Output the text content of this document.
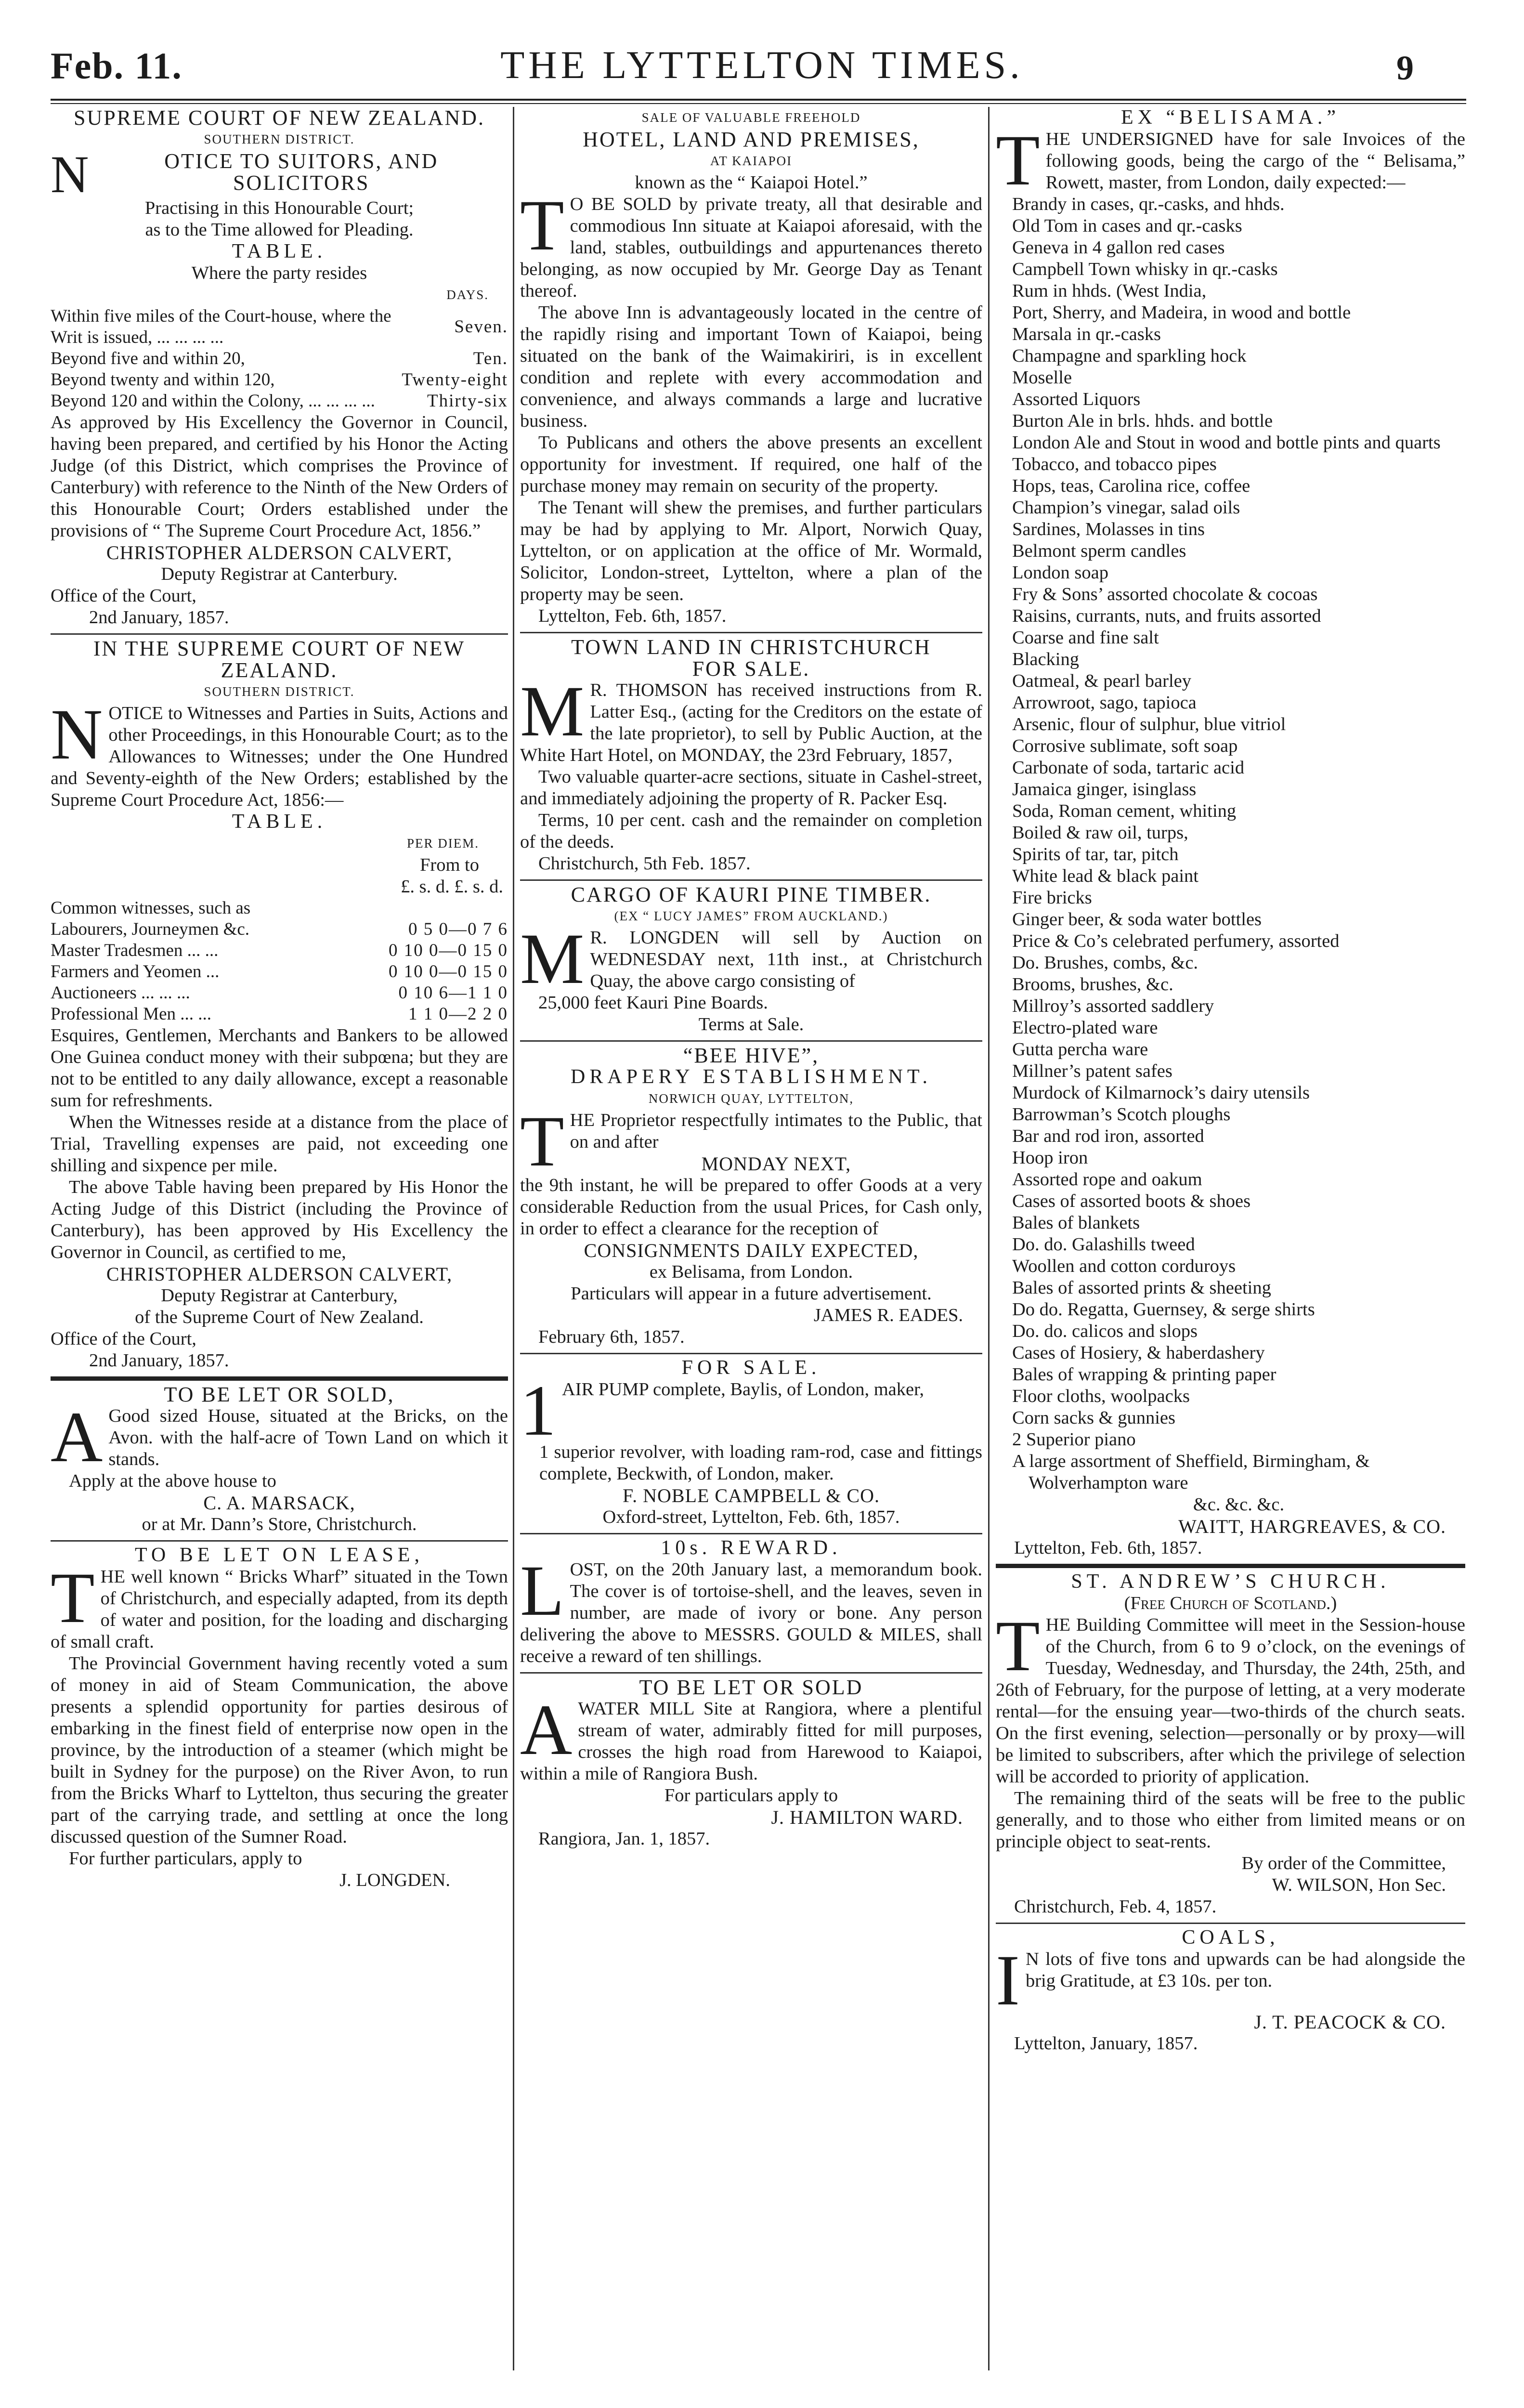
Feb. 11.	THE LYTTELTON TIMES.	9

SUPREME COURT OF NEW ZEALAND.

SOUTHERN DISTRICT.

N	OTICE TO SUITORS, AND

SOLICITORS

Practising in this Honourable Court;

as to the Time allowed for Pleading.

TABLE.

Where the party resides

DAYS.

Within five miles of the Court-house, where the Writ is issued, ... ... ... ...	Seven.
Beyond five and within 20,	Ten.
Beyond twenty and within 120,	Twenty-eight
Beyond 120 and within the Colony, ... ... ... ...	Thirty-six

As approved by His Excellency the Governor in Council, having been prepared, and certified by his Honor the Acting Judge (of this District, which comprises the Province of Canterbury) with reference to the Ninth of the New Orders of this Honourable Court; Orders established under the provisions of “ The Supreme Court Procedure Act, 1856.”

CHRISTOPHER ALDERSON CALVERT,

Deputy Registrar at Canterbury.

Office of the Court,

2nd January, 1857.

IN THE SUPREME COURT OF NEW ZEALAND.

SOUTHERN DISTRICT.

NOTICE to Witnesses and Parties in Suits, Actions and other Proceedings, in this Honourable Court; as to the Allowances to Witnesses; under the One Hundred and Seventy-eighth of the New Orders; established by the Supreme Court Procedure Act, 1856:—

TABLE.

PER DIEM.

From to

£. s. d. £. s. d.

Common witnesses, such as	
Labourers, Journeymen &c.	0 5 0—0 7 6
Master Tradesmen ... ...	0 10 0—0 15 0
Farmers and Yeomen ...	0 10 0—0 15 0
Auctioneers ... ... ...	0 10 6—1 1 0
Professional Men ... ...	1 1 0—2 2 0

Esquires, Gentlemen, Merchants and Bankers to be allowed One Guinea conduct money with their subpœna; but they are not to be entitled to any daily allowance, except a reasonable sum for refreshments.

When the Witnesses reside at a distance from the place of Trial, Travelling expenses are paid, not exceeding one shilling and sixpence per mile.

The above Table having been prepared by His Honor the Acting Judge of this District (including the Province of Canterbury), has been approved by His Excellency the Governor in Council, as certified to me,

CHRISTOPHER ALDERSON CALVERT,

Deputy Registrar at Canterbury,

of the Supreme Court of New Zealand.

Office of the Court,

2nd January, 1857.

TO BE LET OR SOLD,

A Good sized House, situated at the Bricks, on the Avon. with the half-acre of Town Land on which it stands.

Apply at the above house to

C. A. MARSACK,

or at Mr. Dann’s Store, Christchurch.

TO BE LET ON LEASE,

THE well known “ Bricks Wharf” situated in the Town of Christchurch, and especially adapted, from its depth of water and position, for the loading and discharging of small craft.

The Provincial Government having recently voted a sum of money in aid of Steam Communication, the above presents a splendid opportunity for parties desirous of embarking in the finest field of enterprise now open in the province, by the introduction of a steamer (which might be built in Sydney for the purpose) on the River Avon, to run from the Bricks Wharf to Lyttelton, thus securing the greater part of the carrying trade, and settling at once the long discussed question of the Sumner Road.

For further particulars, apply to

J. LONGDEN.

SALE OF VALUABLE FREEHOLD

HOTEL, LAND AND PREMISES,

AT KAIAPOI

known as the “ Kaiapoi Hotel.”

T O BE SOLD by private treaty, all that desirable and commodious Inn situate at Kaiapoi aforesaid, with the land, stables, outbuildings and appurtenances thereto belonging, as now occupied by Mr. George Day as Tenant thereof.

The above Inn is advantageously located in the centre of the rapidly rising and important Town of Kaiapoi, being situated on the bank of the Waimakiriri, is in excellent condition and replete with every accommodation and convenience, and always commands a large and lucrative business.

To Publicans and others the above presents an excellent opportunity for investment. If required, one half of the purchase money may remain on security of the property.

The Tenant will shew the premises, and further particulars may be had by applying to Mr. Alport, Norwich Quay, Lyttelton, or on application at the office of Mr. Wormald, Solicitor, London-street, Lyttelton, where a plan of the property may be seen.

Lyttelton, Feb. 6th, 1857.

TOWN LAND IN CHRISTCHURCH

FOR SALE.

M R. THOMSON has received instructions from R. Latter Esq., (acting for the Creditors on the estate of the late proprietor), to sell by Public Auction, at the White Hart Hotel, on MONDAY, the 23rd February, 1857,

Two valuable quarter-acre sections, situate in Cashel-street, and immediately adjoining the property of R. Packer Esq.

Terms, 10 per cent. cash and the remainder on completion of the deeds.

Christchurch, 5th Feb. 1857.

CARGO OF KAURI PINE TIMBER.

(EX “ LUCY JAMES” FROM AUCKLAND.)

M R. LONGDEN will sell by Auction on WEDNESDAY next, 11th inst., at Christchurch Quay, the above cargo consisting of

25,000 feet Kauri Pine Boards.

Terms at Sale.

“BEE HIVE”,

DRAPERY ESTABLISHMENT.

NORWICH QUAY, LYTTELTON,

THE Proprietor respectfully intimates to the Public, that on and after

MONDAY NEXT,

the 9th instant, he will be prepared to offer Goods at a very considerable Reduction from the usual Prices, for Cash only, in order to effect a clearance for the reception of

CONSIGNMENTS DAILY EXPECTED,

ex Belisama, from London.

Particulars will appear in a future advertisement.

JAMES R. EADES.

February 6th, 1857.

FOR SALE.

1 AIR PUMP complete, Baylis, of London, maker,

1 superior revolver, with loading ram-rod, case and fittings complete, Beckwith, of London, maker.

F. NOBLE CAMPBELL & CO.

Oxford-street, Lyttelton, Feb. 6th, 1857.

10s. REWARD.

LOST, on the 20th January last, a memorandum book. The cover is of tortoise-shell, and the leaves, seven in number, are made of ivory or bone. Any person delivering the above to MESSRS. GOULD & MILES, shall receive a reward of ten shillings.

TO BE LET OR SOLD

AWATER MILL Site at Rangiora, where a plentiful stream of water, admirably fitted for mill purposes, crosses the high road from Harewood to Kaiapoi, within a mile of Rangiora Bush.

For particulars apply to

J. HAMILTON WARD.

Rangiora, Jan. 1, 1857.

EX “BELISAMA.”

THE UNDERSIGNED have for sale Invoices of the following goods, being the cargo of the “ Belisama,” Rowett, master, from London, daily expected:—

Brandy in cases, qr.-casks, and hhds.

Old Tom in cases and qr.-casks

Geneva in 4 gallon red cases

Campbell Town whisky in qr.-casks

Rum in hhds. (West India,

Port, Sherry, and Madeira, in wood and bottle

Marsala in qr.-casks

Champagne and sparkling hock

Moselle

Assorted Liquors

Burton Ale in brls. hhds. and bottle

London Ale and Stout in wood and bottle pints and quarts

Tobacco, and tobacco pipes

Hops, teas, Carolina rice, coffee

Champion’s vinegar, salad oils

Sardines, Molasses in tins

Belmont sperm candles

London soap

Fry & Sons’ assorted chocolate & cocoas

Raisins, currants, nuts, and fruits assorted

Coarse and fine salt

Blacking

Oatmeal, & pearl barley

Arrowroot, sago, tapioca

Arsenic, flour of sulphur, blue vitriol

Corrosive sublimate, soft soap

Carbonate of soda, tartaric acid

Jamaica ginger, isinglass

Soda, Roman cement, whiting

Boiled & raw oil, turps,

Spirits of tar, tar, pitch

White lead & black paint

Fire bricks

Ginger beer, & soda water bottles

Price & Co’s celebrated perfumery, assorted

Do. Brushes, combs, &c.

Brooms, brushes, &c.

Millroy’s assorted saddlery

Electro-plated ware

Gutta percha ware

Millner’s patent safes

Murdock of Kilmarnock’s dairy utensils

Barrowman’s Scotch ploughs

Bar and rod iron, assorted

Hoop iron

Assorted rope and oakum

Cases of assorted boots & shoes

Bales of blankets

Do. do. Galashills tweed

Woollen and cotton corduroys

Bales of assorted prints & sheeting

Do do. Regatta, Guernsey, & serge shirts

Do. do. calicos and slops

Cases of Hosiery, & haberdashery

Bales of wrapping & printing paper

Floor cloths, woolpacks

Corn sacks & gunnies

2 Superior piano

A large assortment of Sheffield, Birmingham, & Wolverhampton ware

&c. &c. &c.

WAITT, HARGREAVES, & CO.

Lyttelton, Feb. 6th, 1857.

ST. ANDREW’S CHURCH.

(Free Church of Scotland.)

THE Building Committee will meet in the Session-house of the Church, from 6 to 9 o’clock, on the evenings of Tuesday, Wednesday, and Thursday, the 24th, 25th, and 26th of February, for the purpose of letting, at a very moderate rental—for the ensuing year—two-thirds of the church seats. On the first evening, selection—personally or by proxy—will be limited to subscribers, after which the privilege of selection will be accorded to priority of application.

The remaining third of the seats will be free to the public generally, and to those who either from limited means or on principle object to seat-rents.

By order of the Committee,

W. WILSON, Hon Sec.

Christchurch, Feb. 4, 1857.

COALS,

I N lots of five tons and upwards can be had alongside the brig Gratitude, at £3 10s. per ton.

J. T. PEACOCK & CO.

Lyttelton, January, 1857.
